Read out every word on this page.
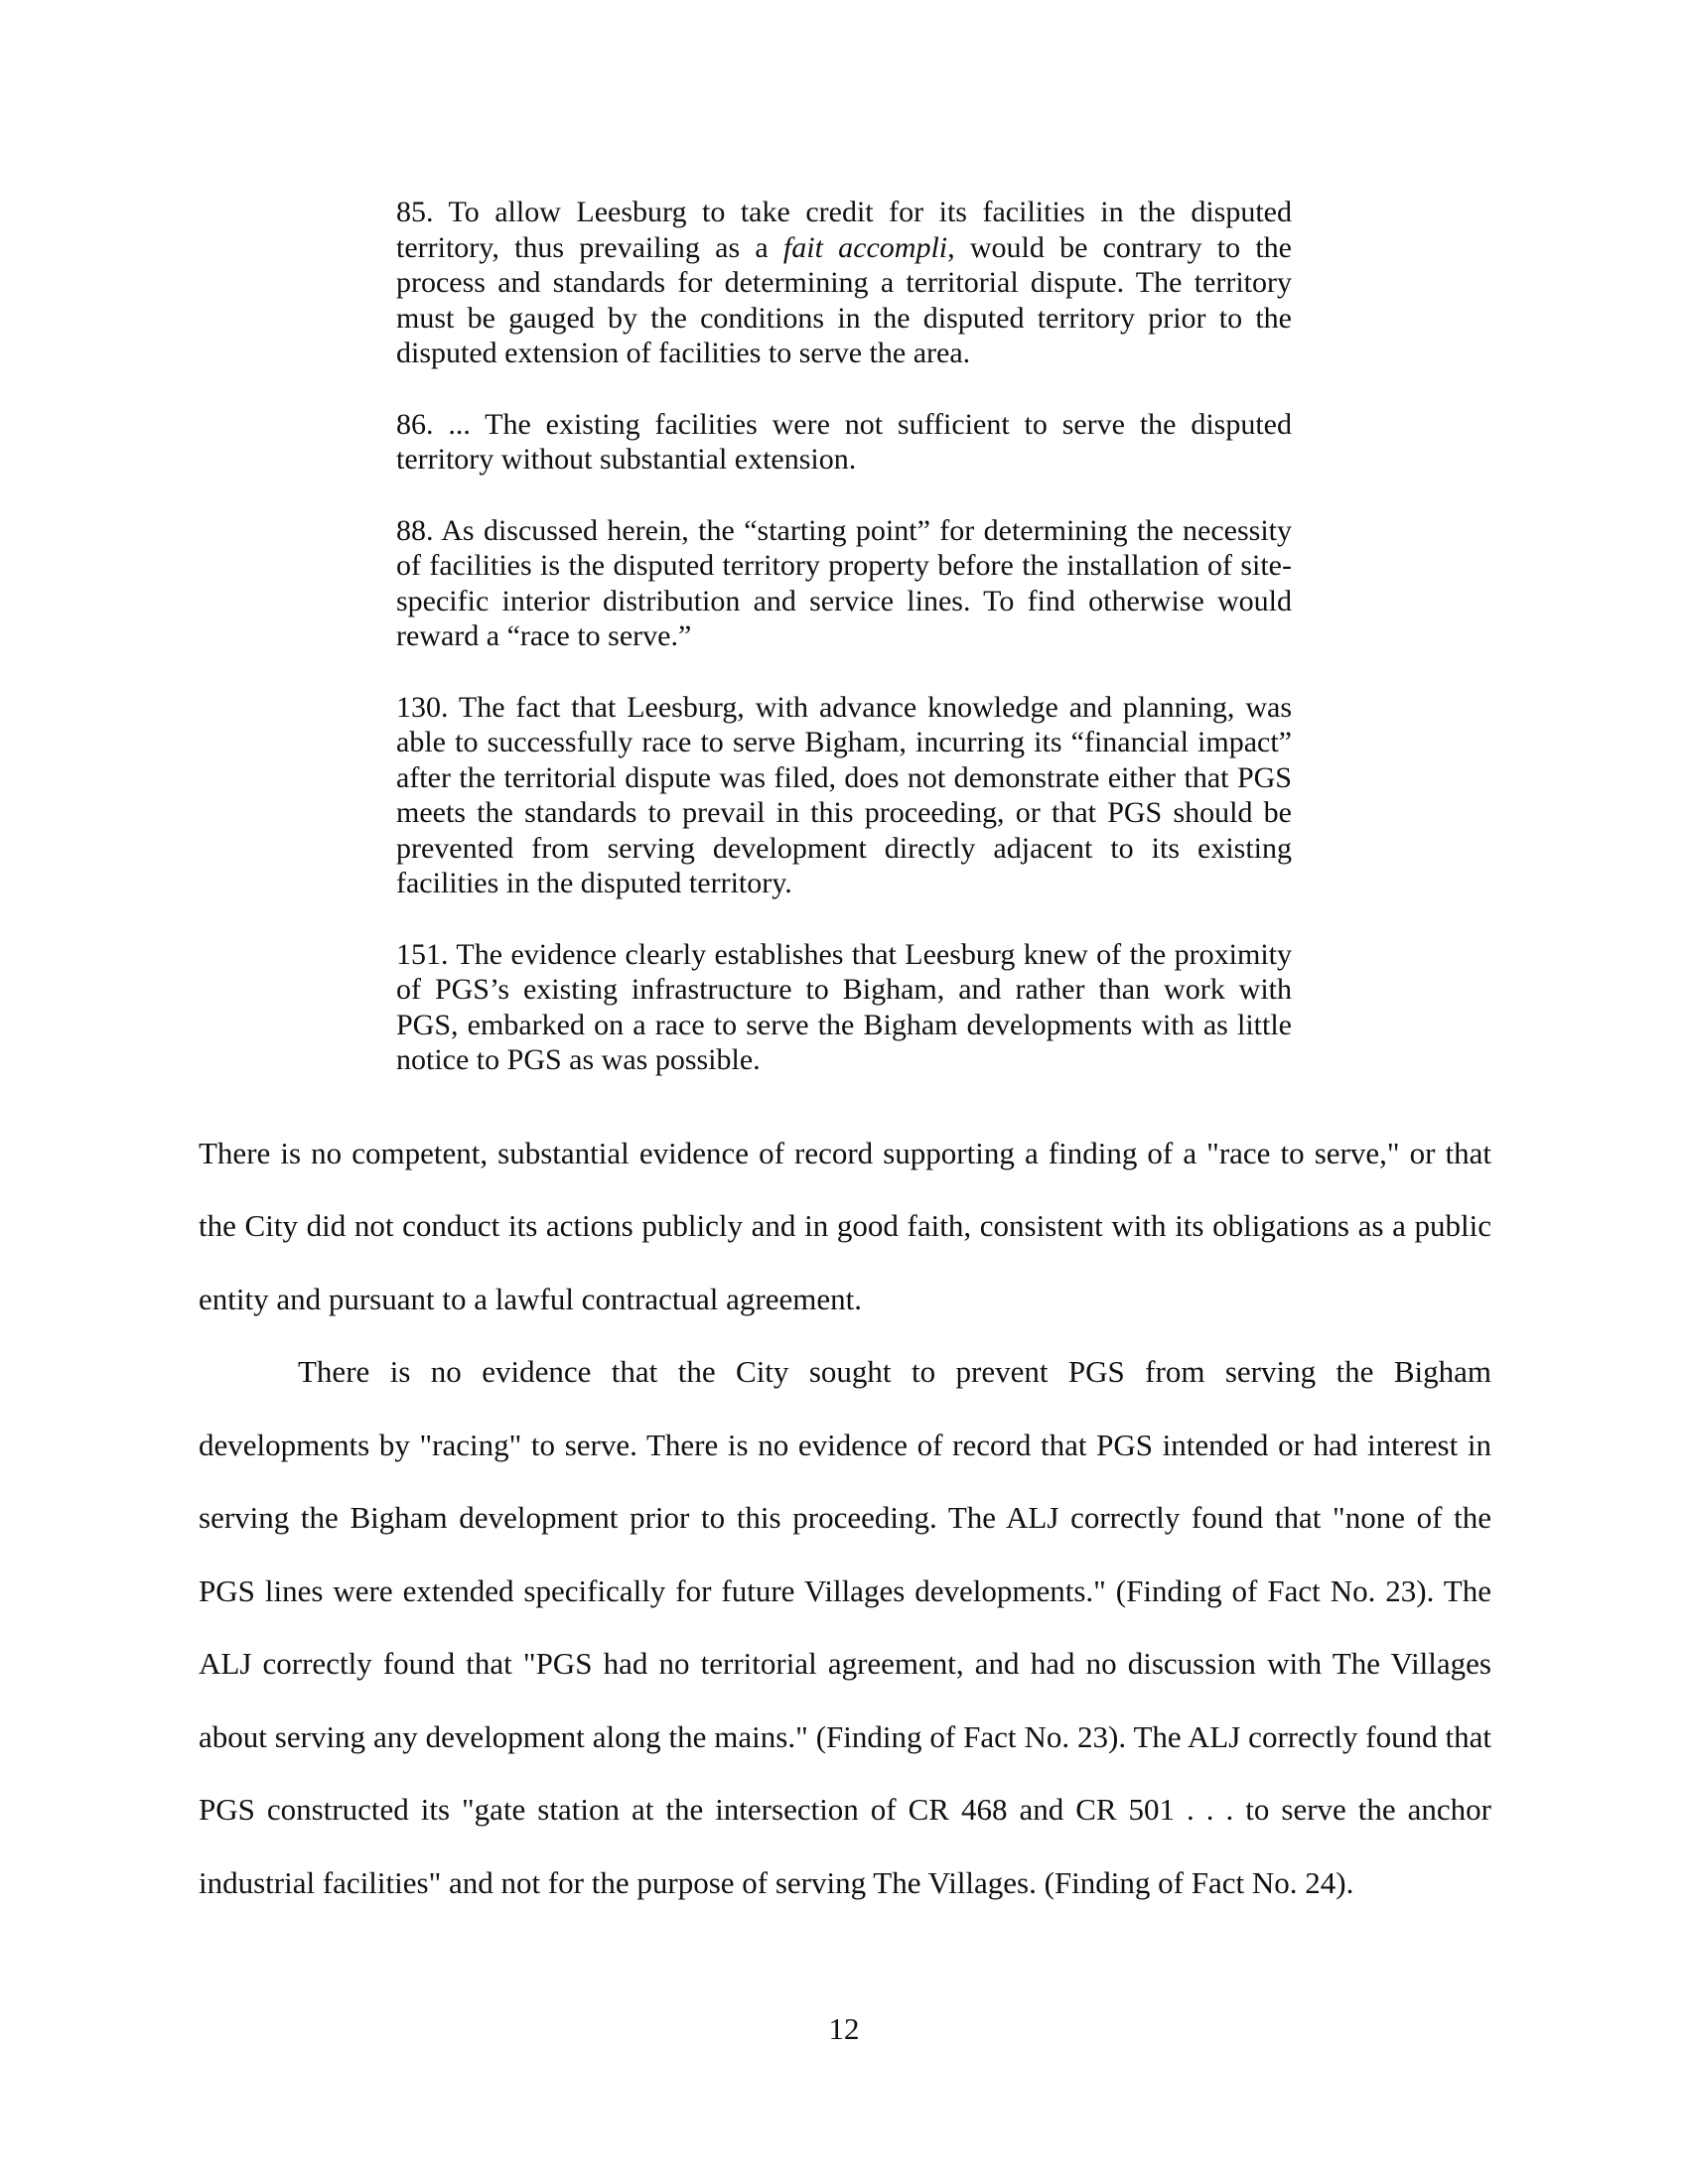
85. To allow Leesburg to take credit for its facilities in the disputed territory, thus prevailing as a fait accompli, would be contrary to the process and standards for determining a territorial dispute. The territory must be gauged by the conditions in the disputed territory prior to the disputed extension of facilities to serve the area.

86. ... The existing facilities were not sufficient to serve the disputed territory without substantial extension.

88. As discussed herein, the “starting point” for determining the necessity of facilities is the disputed territory property before the installation of site-specific interior distribution and service lines. To find otherwise would reward a “race to serve.”

130. The fact that Leesburg, with advance knowledge and planning, was able to successfully race to serve Bigham, incurring its “financial impact” after the territorial dispute was filed, does not demonstrate either that PGS meets the standards to prevail in this proceeding, or that PGS should be prevented from serving development directly adjacent to its existing facilities in the disputed territory.

151. The evidence clearly establishes that Leesburg knew of the proximity of PGS’s existing infrastructure to Bigham, and rather than work with PGS, embarked on a race to serve the Bigham developments with as little notice to PGS as was possible.

There is no competent, substantial evidence of record supporting a finding of a "race to serve," or that the City did not conduct its actions publicly and in good faith, consistent with its obligations as a public entity and pursuant to a lawful contractual agreement.

There is no evidence that the City sought to prevent PGS from serving the Bigham developments by "racing" to serve. There is no evidence of record that PGS intended or had interest in serving the Bigham development prior to this proceeding. The ALJ correctly found that "none of the PGS lines were extended specifically for future Villages developments." (Finding of Fact No. 23). The ALJ correctly found that "PGS had no territorial agreement, and had no discussion with The Villages about serving any development along the mains." (Finding of Fact No. 23). The ALJ correctly found that PGS constructed its "gate station at the intersection of CR 468 and CR 501 . . . to serve the anchor industrial facilities" and not for the purpose of serving The Villages. (Finding of Fact No. 24).

12
